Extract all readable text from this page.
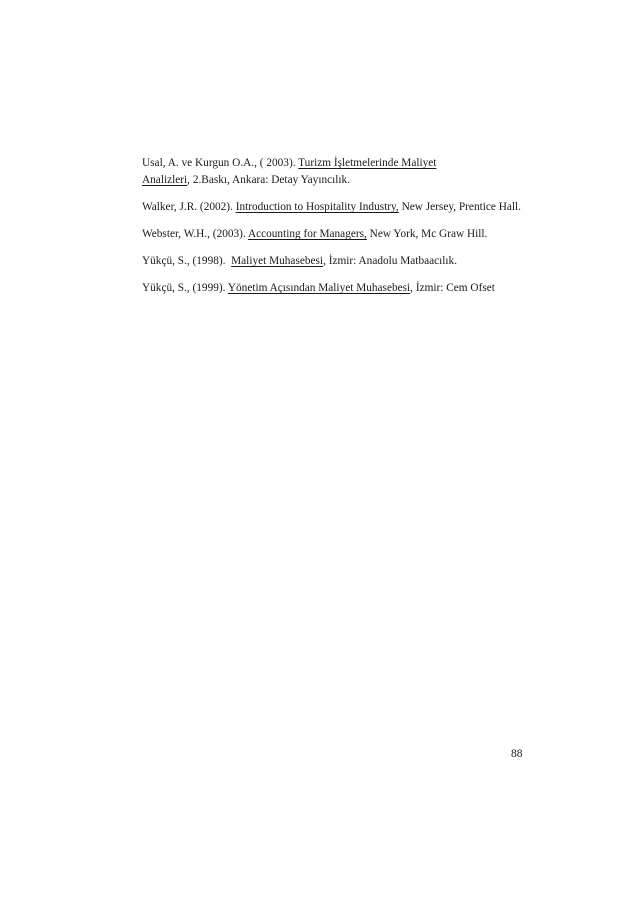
Usal, A. ve Kurgun O.A., ( 2003). Turizm İşletmelerinde Maliyet
Analizleri, 2.Baskı, Ankara: Detay Yayıncılık.
Walker, J.R. (2002). Introduction to Hospitality Industry, New Jersey, Prentice Hall.
Webster, W.H., (2003). Accounting for Managers, New York, Mc Graw Hill.
Yükçü, S., (1998).  Maliyet Muhasebesi, İzmir: Anadolu Matbaacılık.
Yükçü, S., (1999). Yönetim Açısından Maliyet Muhasebesi, İzmir: Cem Ofset
88
